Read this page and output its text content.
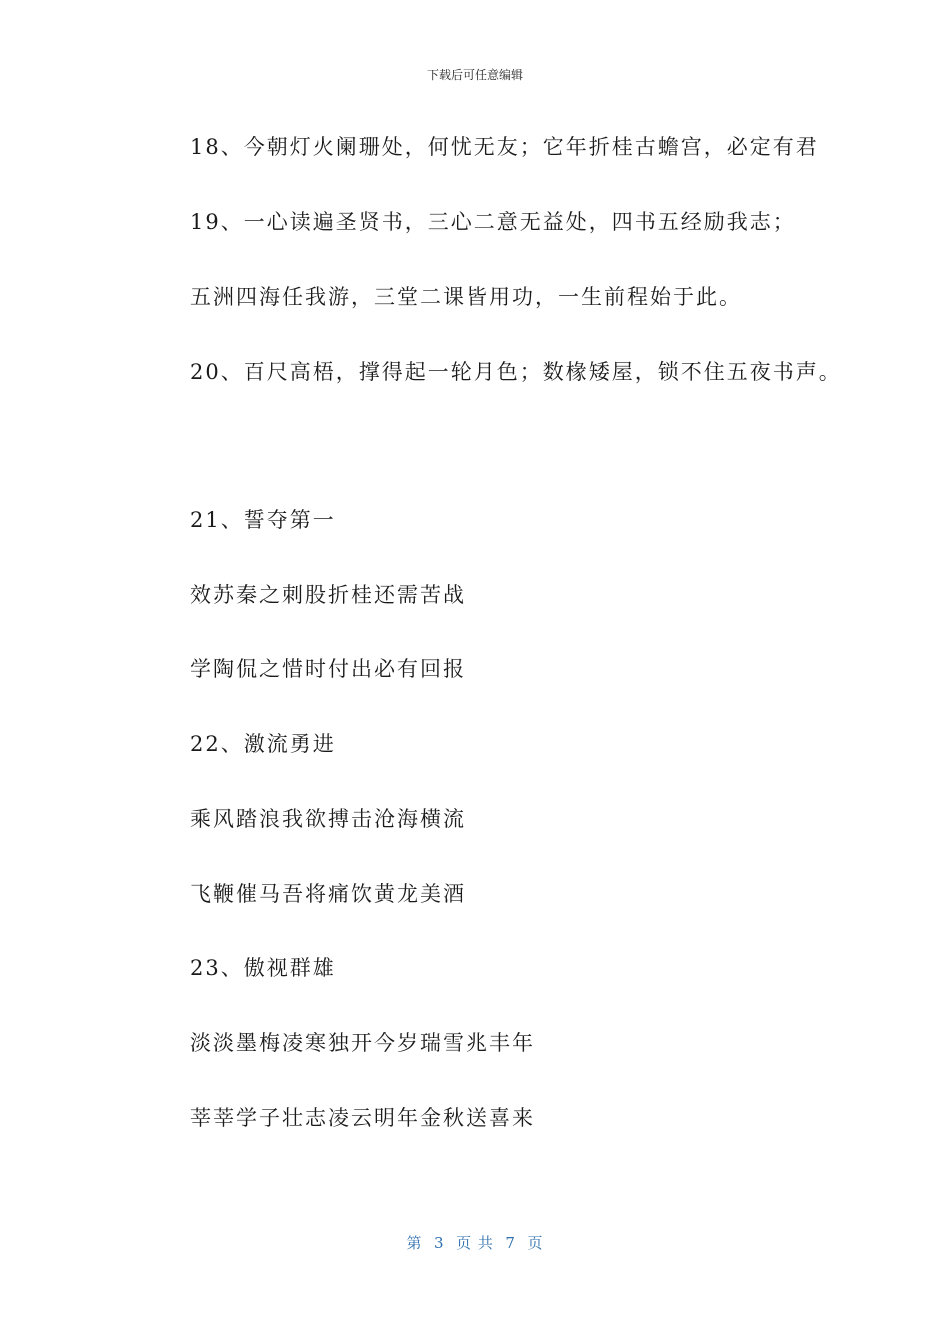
下载后可任意编辑
18、今朝灯火阑珊处，何忧无友；它年折桂古蟾宫，必定有君
19、一心读遍圣贤书，三心二意无益处，四书五经励我志；
五洲四海任我游，三堂二课皆用功，一生前程始于此。
20、百尺高梧，撑得起一轮月色；数椽矮屋，锁不住五夜书声。
21、誓夺第一
效苏秦之刺股折桂还需苦战
学陶侃之惜时付出必有回报
22、激流勇进
乘风踏浪我欲搏击沧海横流
飞鞭催马吾将痛饮黄龙美酒
23、傲视群雄
淡淡墨梅凌寒独开今岁瑞雪兆丰年
莘莘学子壮志凌云明年金秋送喜来
第  3  页 共  7  页
